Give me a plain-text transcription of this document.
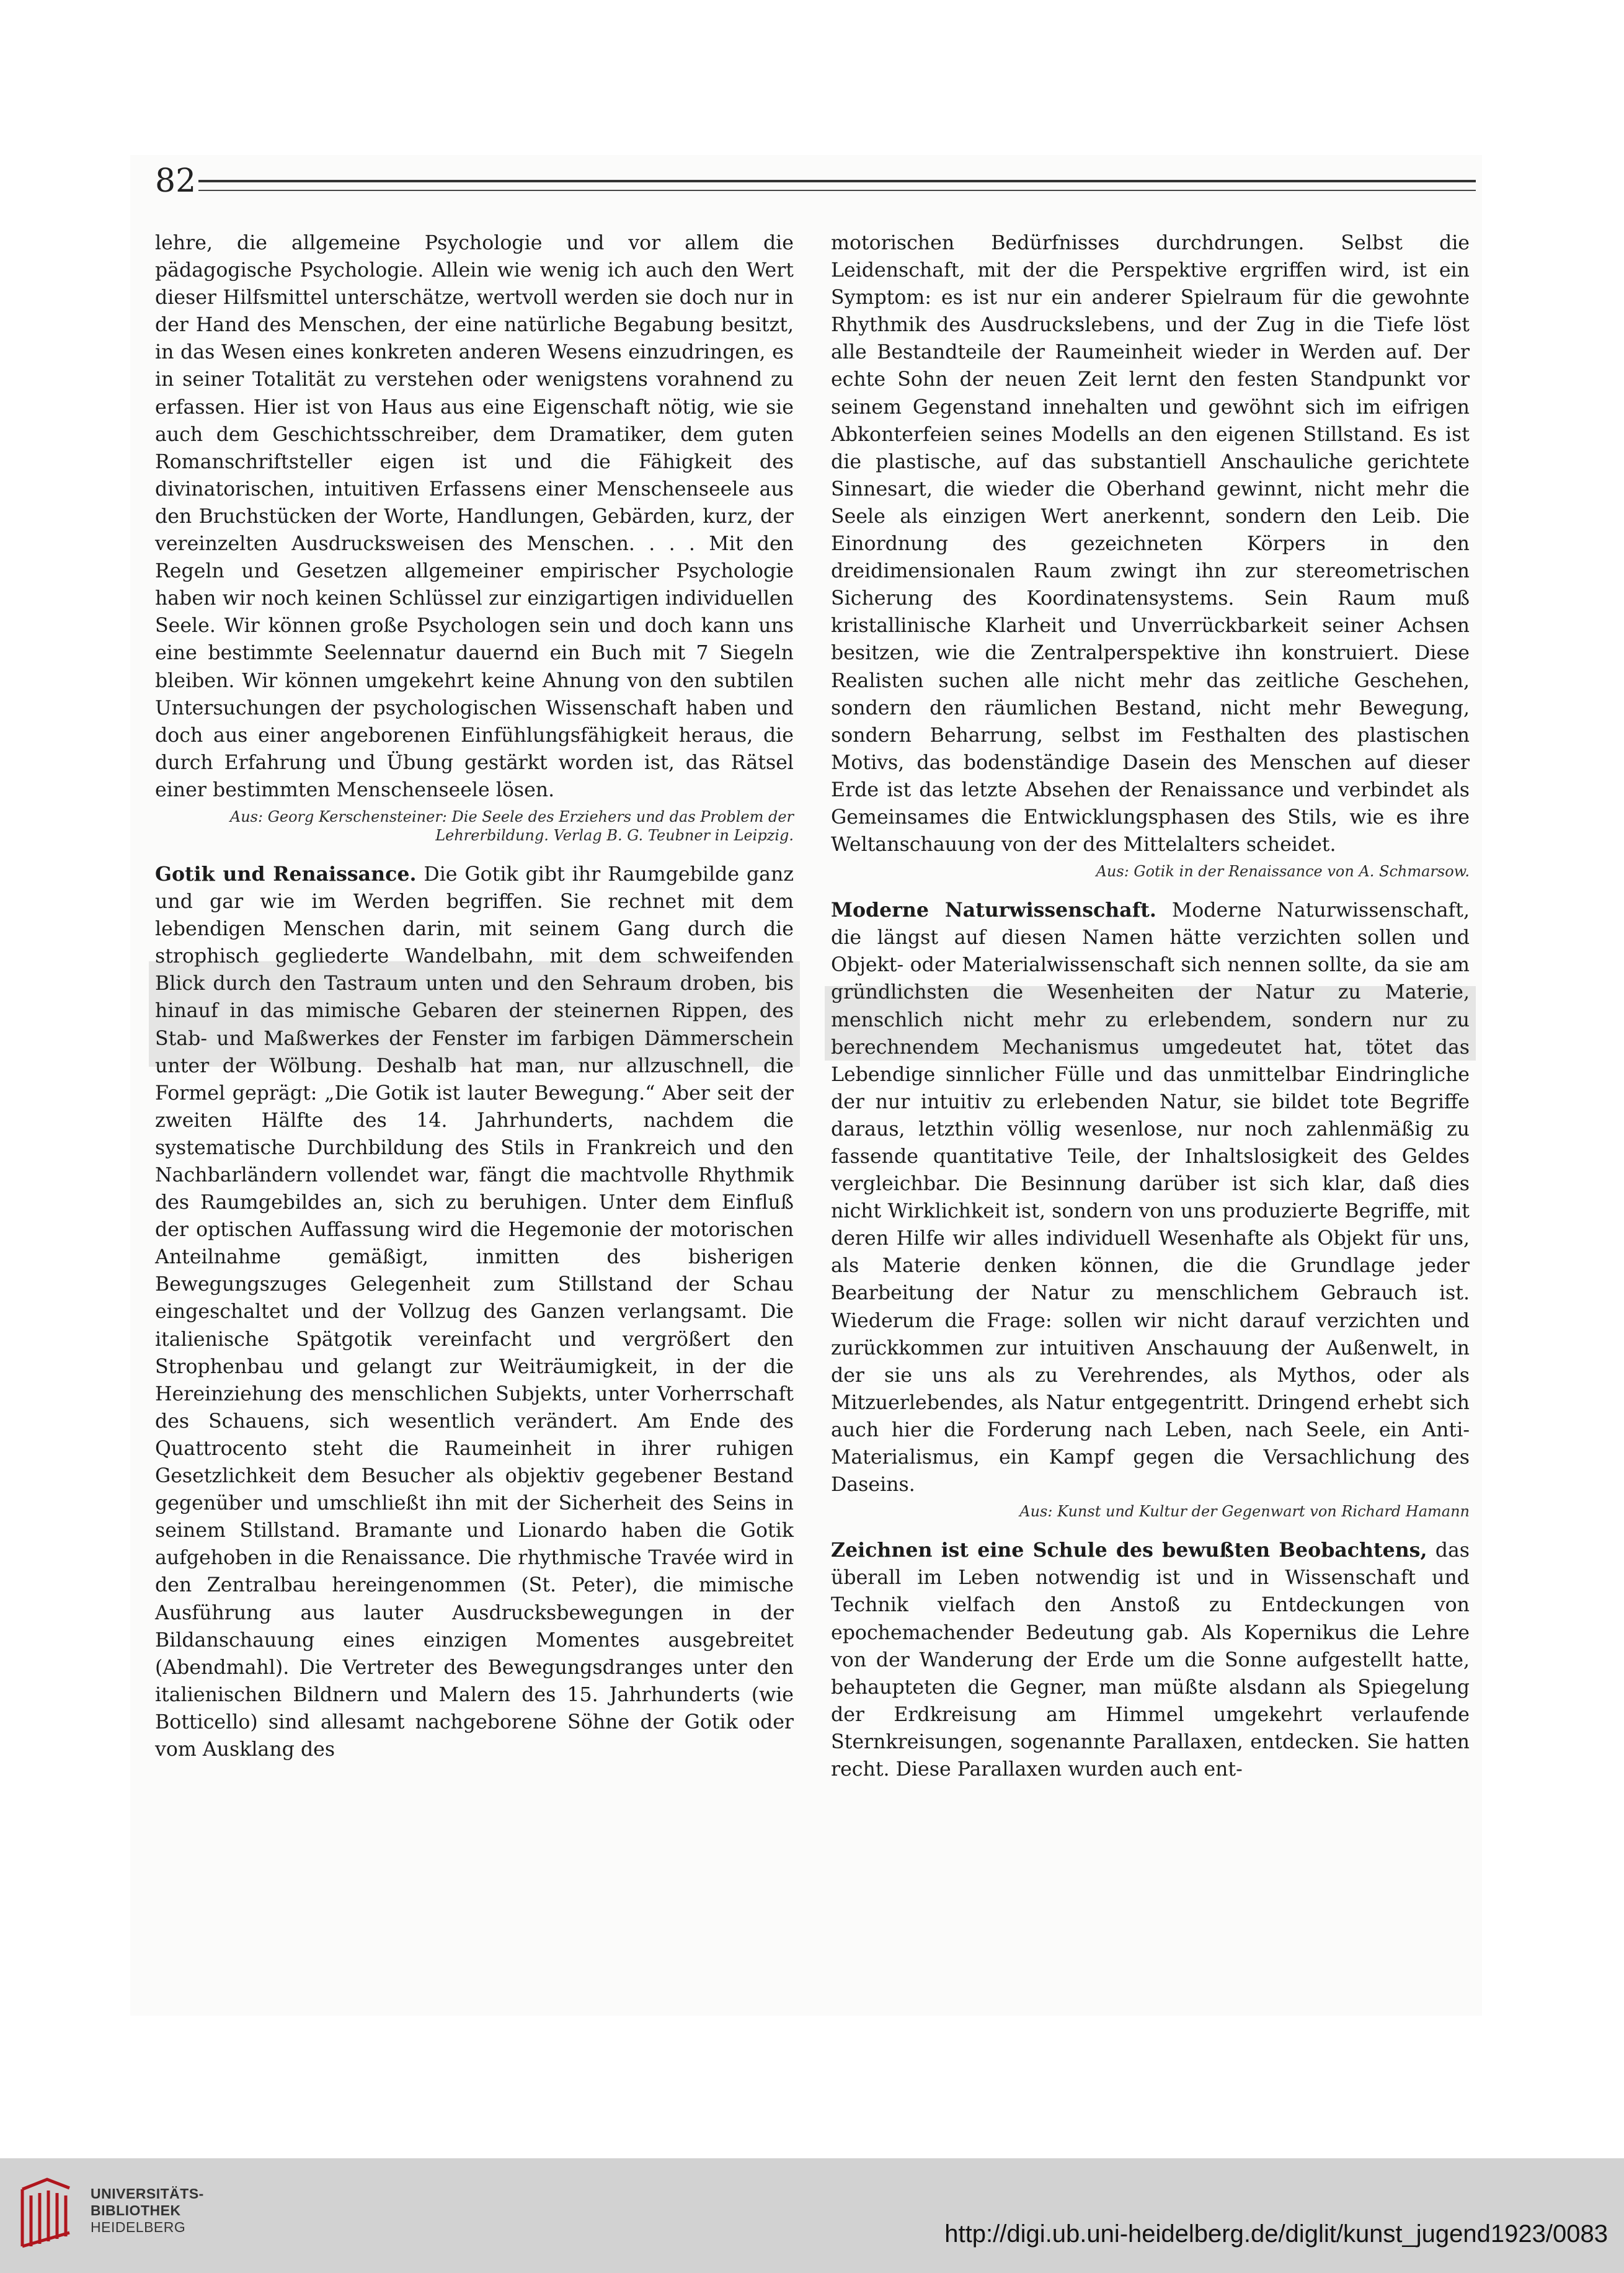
82

lehre, die allgemeine Psychologie und vor allem die pädagogische Psychologie. Allein wie wenig ich auch den Wert dieser Hilfsmittel unterschätze, wertvoll werden sie doch nur in der Hand des Menschen, der eine natürliche Begabung besitzt, in das Wesen eines konkreten anderen Wesens einzudringen, es in seiner Totalität zu verstehen oder wenigstens vorahnend zu erfassen. Hier ist von Haus aus eine Eigenschaft nötig, wie sie auch dem Geschichtsschreiber, dem Dramatiker, dem guten Romanschriftsteller eigen ist und die Fähigkeit des divinatorischen, intuitiven Erfassens einer Menschenseele aus den Bruchstücken der Worte, Handlungen, Gebärden, kurz, der vereinzelten Ausdrucksweisen des Menschen. . . . Mit den Regeln und Gesetzen allgemeiner empirischer Psychologie haben wir noch keinen Schlüssel zur einzigartigen individuellen Seele. Wir können große Psychologen sein und doch kann uns eine bestimmte Seelennatur dauernd ein Buch mit 7 Siegeln bleiben. Wir können umgekehrt keine Ahnung von den subtilen Untersuchungen der psychologischen Wissenschaft haben und doch aus einer angeborenen Einfühlungsfähigkeit heraus, die durch Erfahrung und Übung gestärkt worden ist, das Rätsel einer bestimmten Menschenseele lösen.

Aus: Georg Kerschensteiner: Die Seele des Erziehers und das Problem der Lehrerbildung. Verlag B. G. Teubner in Leipzig.

Gotik und Renaissance. Die Gotik gibt ihr Raumgebilde ganz und gar wie im Werden begriffen. Sie rechnet mit dem lebendigen Menschen darin, mit seinem Gang durch die strophisch gegliederte Wandelbahn, mit dem schweifenden Blick durch den Tastraum unten und den Sehraum droben, bis hinauf in das mimische Gebaren der steinernen Rippen, des Stab- und Maßwerkes der Fenster im farbigen Dämmerschein unter der Wölbung. Deshalb hat man, nur allzuschnell, die Formel geprägt: „Die Gotik ist lauter Bewegung.“ Aber seit der zweiten Hälfte des 14. Jahrhunderts, nachdem die systematische Durchbildung des Stils in Frankreich und den Nachbarländern vollendet war, fängt die machtvolle Rhythmik des Raumgebildes an, sich zu beruhigen. Unter dem Einfluß der optischen Auffassung wird die Hegemonie der motorischen Anteilnahme gemäßigt, inmitten des bisherigen Bewegungszuges Gelegenheit zum Stillstand der Schau eingeschaltet und der Vollzug des Ganzen verlangsamt. Die italienische Spätgotik vereinfacht und vergrößert den Strophenbau und gelangt zur Weiträumigkeit, in der die Hereinziehung des menschlichen Subjekts, unter Vorherrschaft des Schauens, sich wesentlich verändert. Am Ende des Quattrocento steht die Raumeinheit in ihrer ruhigen Gesetzlichkeit dem Besucher als objektiv gegebener Bestand gegenüber und umschließt ihn mit der Sicherheit des Seins in seinem Stillstand. Bramante und Lionardo haben die Gotik aufgehoben in die Renaissance. Die rhythmische Travée wird in den Zentralbau hereingenommen (St. Peter), die mimische Ausführung aus lauter Ausdrucksbewegungen in der Bildanschauung eines einzigen Momentes ausgebreitet (Abendmahl). Die Vertreter des Bewegungsdranges unter den italienischen Bildnern und Malern des 15. Jahrhunderts (wie Botticello) sind allesamt nachgeborene Söhne der Gotik oder vom Ausklang des

motorischen Bedürfnisses durchdrungen. Selbst die Leidenschaft, mit der die Perspektive ergriffen wird, ist ein Symptom: es ist nur ein anderer Spielraum für die gewohnte Rhythmik des Ausdruckslebens, und der Zug in die Tiefe löst alle Bestandteile der Raumeinheit wieder in Werden auf. Der echte Sohn der neuen Zeit lernt den festen Standpunkt vor seinem Gegenstand innehalten und gewöhnt sich im eifrigen Abkonterfeien seines Modells an den eigenen Stillstand. Es ist die plastische, auf das substantiell Anschauliche gerichtete Sinnesart, die wieder die Oberhand gewinnt, nicht mehr die Seele als einzigen Wert anerkennt, sondern den Leib. Die Einordnung des gezeichneten Körpers in den dreidimensionalen Raum zwingt ihn zur stereometrischen Sicherung des Koordinatensystems. Sein Raum muß kristallinische Klarheit und Unverrückbarkeit seiner Achsen besitzen, wie die Zentralperspektive ihn konstruiert. Diese Realisten suchen alle nicht mehr das zeitliche Geschehen, sondern den räumlichen Bestand, nicht mehr Bewegung, sondern Beharrung, selbst im Festhalten des plastischen Motivs, das bodenständige Dasein des Menschen auf dieser Erde ist das letzte Absehen der Renaissance und verbindet als Gemeinsames die Entwicklungsphasen des Stils, wie es ihre Weltanschauung von der des Mittelalters scheidet.

Aus: Gotik in der Renaissance von A. Schmarsow.

Moderne Naturwissenschaft. Moderne Naturwissenschaft, die längst auf diesen Namen hätte verzichten sollen und Objekt- oder Materialwissenschaft sich nennen sollte, da sie am gründlichsten die Wesenheiten der Natur zu Materie, menschlich nicht mehr zu erlebendem, sondern nur zu berechnendem Mechanismus umgedeutet hat, tötet das Lebendige sinnlicher Fülle und das unmittelbar Eindringliche der nur intuitiv zu erlebenden Natur, sie bildet tote Begriffe daraus, letzthin völlig wesenlose, nur noch zahlenmäßig zu fassende quantitative Teile, der Inhaltslosigkeit des Geldes vergleichbar. Die Besinnung darüber ist sich klar, daß dies nicht Wirklichkeit ist, sondern von uns produzierte Begriffe, mit deren Hilfe wir alles individuell Wesenhafte als Objekt für uns, als Materie denken können, die die Grundlage jeder Bearbeitung der Natur zu menschlichem Gebrauch ist. Wiederum die Frage: sollen wir nicht darauf verzichten und zurückkommen zur intuitiven Anschauung der Außenwelt, in der sie uns als zu Verehrendes, als Mythos, oder als Mitzuerlebendes, als Natur entgegentritt. Dringend erhebt sich auch hier die Forderung nach Leben, nach Seele, ein Anti-Materialismus, ein Kampf gegen die Versachlichung des Daseins.

Aus: Kunst und Kultur der Gegenwart von Richard Hamann

Zeichnen ist eine Schule des bewußten Beobachtens, das überall im Leben notwendig ist und in Wissenschaft und Technik vielfach den Anstoß zu Entdeckungen von epochemachender Bedeutung gab. Als Kopernikus die Lehre von der Wanderung der Erde um die Sonne aufgestellt hatte, behaupteten die Gegner, man müßte alsdann als Spiegelung der Erdkreisung am Himmel umgekehrt verlaufende Sternkreisungen, sogenannte Parallaxen, entdecken. Sie hatten recht. Diese Parallaxen wurden auch ent-

UNIVERSITÄTS-
BIBLIOTHEK
HEIDELBERG	http://digi.ub.uni-heidelberg.de/diglit/kunst_jugend1923/0083
